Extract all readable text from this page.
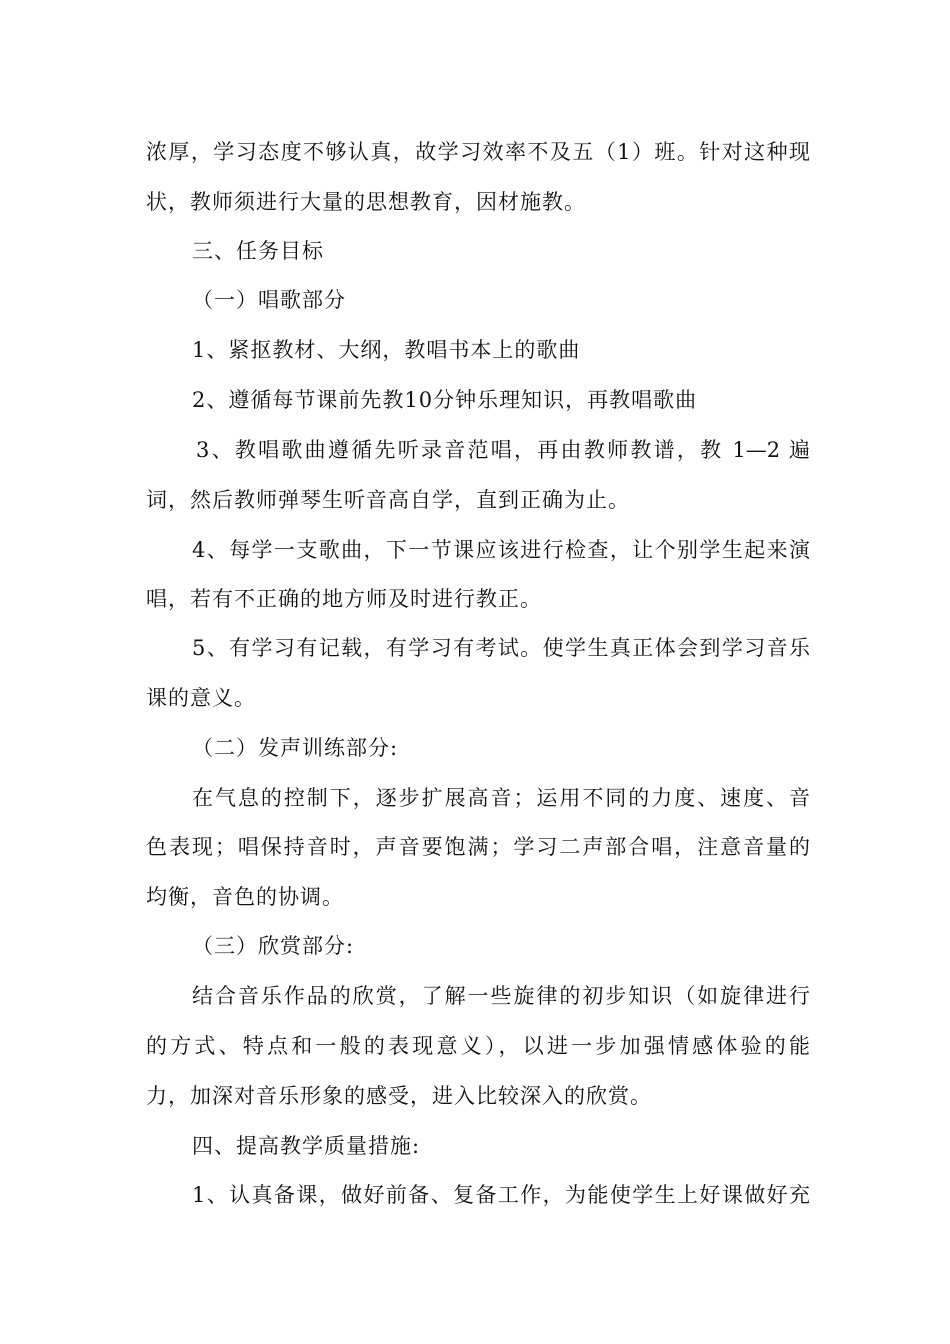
浓厚，学习态度不够认真，故学习效率不及五（1）班。针对这种现
状，教师须进行大量的思想教育，因材施教。
三、任务目标
（一）唱歌部分
1、紧抠教材、大纲，教唱书本上的歌曲
2、遵循每节课前先教10分钟乐理知识，再教唱歌曲
3、教唱歌曲遵循先听录音范唱，再由教师教谱，教 1—2 遍
词，然后教师弹琴生听音高自学，直到正确为止。
4、每学一支歌曲，下一节课应该进行检查，让个别学生起来演
唱，若有不正确的地方师及时进行教正。
5、有学习有记载，有学习有考试。使学生真正体会到学习音乐
课的意义。
（二）发声训练部分:
在气息的控制下，逐步扩展高音；运用不同的力度、速度、音
色表现；唱保持音时，声音要饱满；学习二声部合唱，注意音量的
均衡，音色的协调。
（三）欣赏部分:
结合音乐作品的欣赏，了解一些旋律的初步知识（如旋律进行
的方式、特点和一般的表现意义），以进一步加强情感体验的能
力，加深对音乐形象的感受，进入比较深入的欣赏。
四、提高教学质量措施:
1、认真备课，做好前备、复备工作，为能使学生上好课做好充
